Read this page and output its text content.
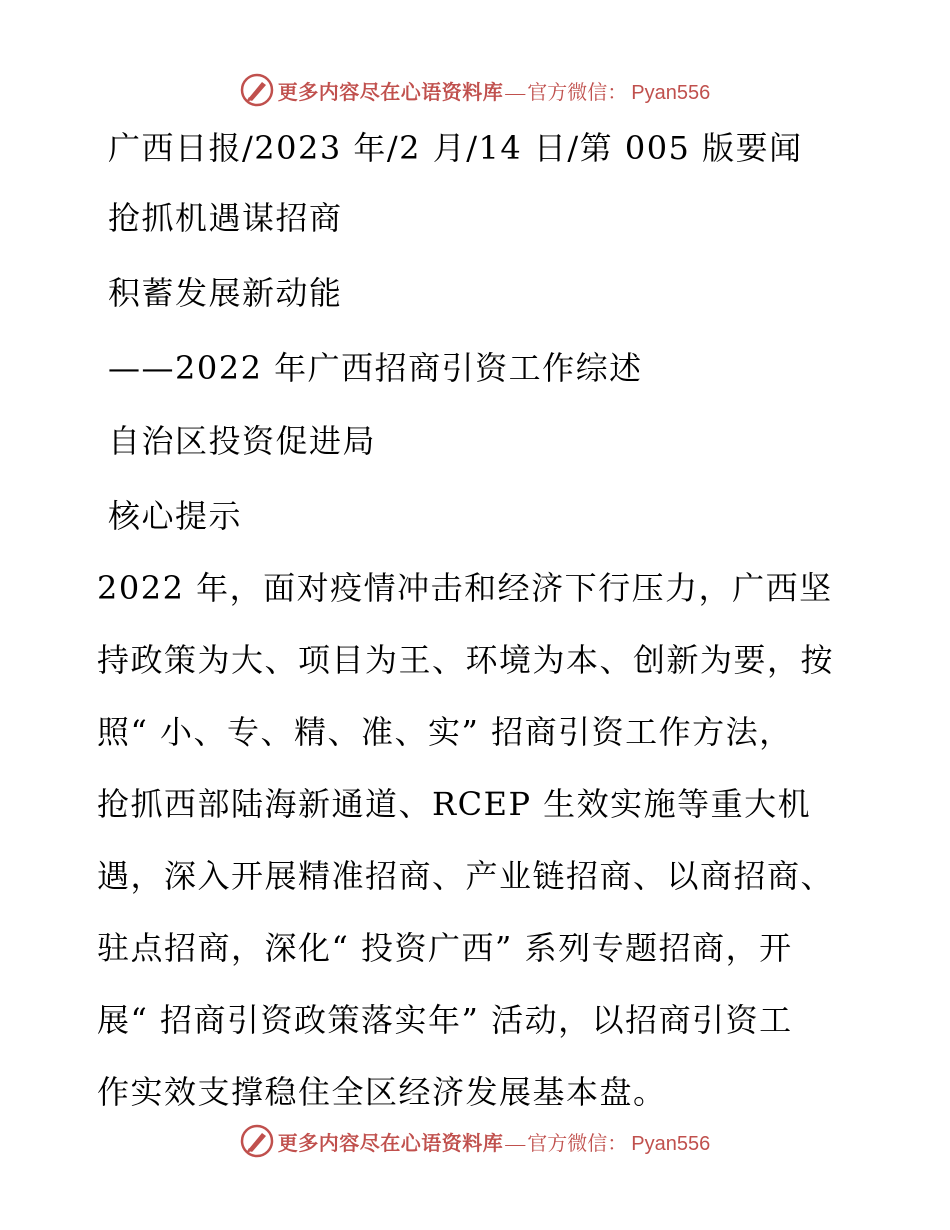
更多内容尽在心语资料库 — 官方微信： Pyan556
广西日报/2023 年/2 月/14 日/第 005 版要闻
抢抓机遇谋招商
积蓄发展新动能
——2022 年广西招商引资工作综述
自治区投资促进局
核心提示
2022 年，面对疫情冲击和经济下行压力，广西坚
持政策为大、项目为王、环境为本、创新为要，按
照“ 小、专、精、准、实” 招商引资工作方法，
抢抓西部陆海新通道、RCEP 生效实施等重大机
遇，深入开展精准招商、产业链招商、以商招商、
驻点招商，深化“ 投资广西” 系列专题招商，开
展“ 招商引资政策落实年” 活动，以招商引资工
作实效支撑稳住全区经济发展基本盘。
更多内容尽在心语资料库 — 官方微信： Pyan556
